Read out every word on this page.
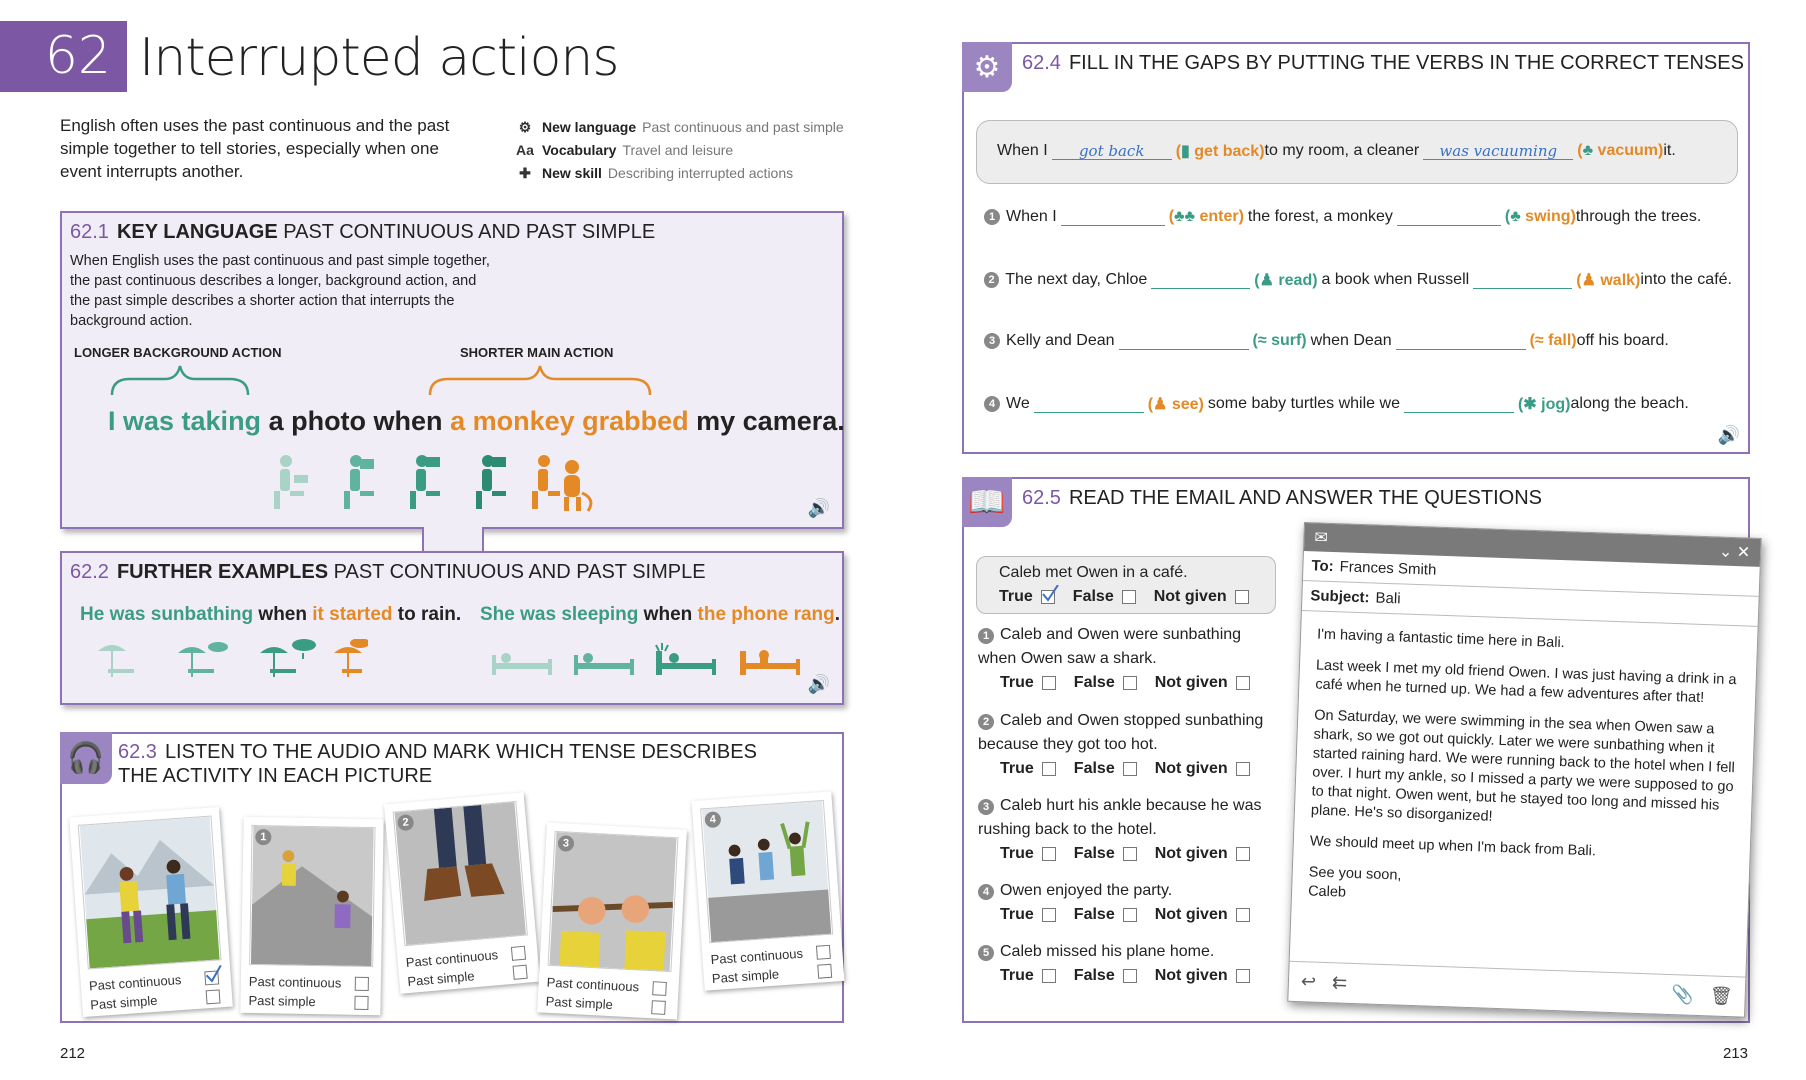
62 Interrupted actions
English often uses the past continuous and the past simple together to tell stories, especially when one event interrupts another.
⚙ New language Past continuous and past simple
Aa Vocabulary Travel and leisure
✚ New skill Describing interrupted actions
62.1 KEY LANGUAGE PAST CONTINUOUS AND PAST SIMPLE
When English uses the past continuous and past simple together, the past continuous describes a longer, background action, and the past simple describes a shorter action that interrupts the background action.
LONGER BACKGROUND ACTION	SHORTER MAIN ACTION
I was taking a photo when a monkey grabbed my camera.
🔊
62.2 FURTHER EXAMPLES PAST CONTINUOUS AND PAST SIMPLE
He was sunbathing when it started to rain. She was sleeping when the phone rang.
🔊
🎧 62.3 LISTEN TO THE AUDIO AND MARK WHICH TENSE DESCRIBES
THE ACTIVITY IN EACH PICTURE
Past continuous
Past simple
1
Past continuous
Past simple
2
Past continuous
Past simple
3
Past continuous
Past simple
4
Past continuous
Past simple
212
⚙	62.4 FILL IN THE GAPS BY PUTTING THE VERBS IN THE CORRECT TENSES
When I	got back	(▮ get back) to my room, a cleaner	was vacuuming	(♣ vacuum) it.
1 When I	(♣♣ enter) the forest, a monkey	(♣ swing) through the trees.
2 The next day, Chloe	(♟ read) a book when Russell	(♟ walk) into the café.
3 Kelly and Dean	(≈ surf) when Dean	(≈ fall) off his board.
4 We	(♟ see) some baby turtles while we	(✱ jog) along the beach.
🔊
📖 62.5 READ THE EMAIL AND ANSWER THE QUESTIONS
Caleb met Owen in a café.
True	False	Not given
1 Caleb and Owen were sunbathing when Owen saw a shark.
True	False	Not given
2 Caleb and Owen stopped sunbathing because they got too hot.
True	False	Not given
3 Caleb hurt his ankle because he was rushing back to the hotel.
True	False	Not given
4 Owen enjoyed the party.
True	False	Not given
5 Caleb missed his plane home.
True	False	Not given
213
✉
⌄ ✕
To: Frances Smith
Subject: Bali

I'm having a fantastic time here in Bali.

Last week I met my old friend Owen. I was just having a drink in a café when he turned up. We had a few adventures after that!

On Saturday, we were swimming in the sea when Owen saw a shark, so we got out quickly. Later we were sunbathing when it started raining hard. We were running back to the hotel when I fell over. I hurt my ankle, so I missed a party we were supposed to go to that night. Owen went, but he stayed too long and missed his plane. He's so disorganized!

We should meet up when I'm back from Bali.

See you soon,
Caleb
↩ ⇇
📎 🗑
